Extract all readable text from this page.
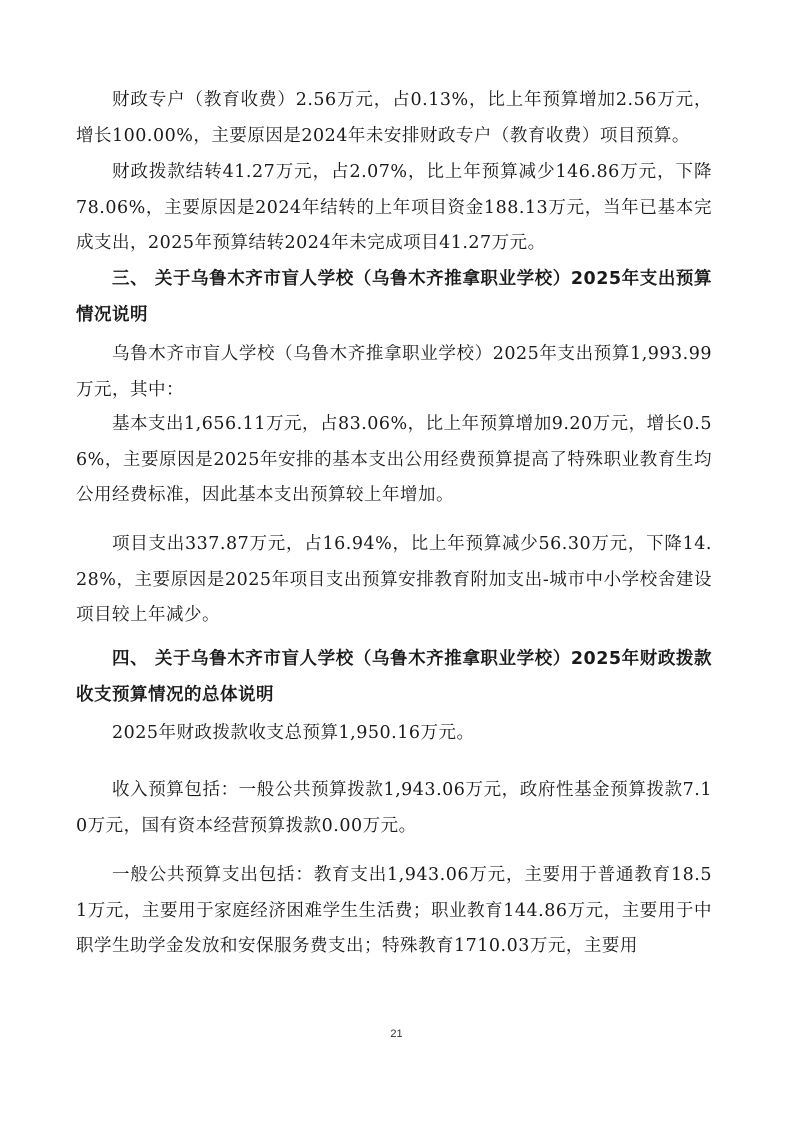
财政专户（教育收费）2.56万元，占0.13%，比上年预算增加2.56万元，增长100.00%，主要原因是2024年未安排财政专户（教育收费）项目预算。

财政拨款结转41.27万元，占2.07%，比上年预算减少146.86万元，下降78.06%，主要原因是2024年结转的上年项目资金188.13万元，当年已基本完成支出，2025年预算结转2024年未完成项目41.27万元。

三、 关于乌鲁木齐市盲人学校（乌鲁木齐推拿职业学校）2025年支出预算情况说明

乌鲁木齐市盲人学校（乌鲁木齐推拿职业学校）2025年支出预算1,993.99万元，其中：

基本支出1,656.11万元，占83.06%，比上年预算增加9.20万元，增长0.56%，主要原因是2025年安排的基本支出公用经费预算提高了特殊职业教育生均公用经费标准，因此基本支出预算较上年增加。

项目支出337.87万元，占16.94%，比上年预算减少56.30万元，下降14.28%，主要原因是2025年项目支出预算安排教育附加支出-城市中小学校舍建设项目较上年减少。

四、 关于乌鲁木齐市盲人学校（乌鲁木齐推拿职业学校）2025年财政拨款收支预算情况的总体说明

2025年财政拨款收支总预算1,950.16万元。

收入预算包括：一般公共预算拨款1,943.06万元，政府性基金预算拨款7.10万元，国有资本经营预算拨款0.00万元。

一般公共预算支出包括：教育支出1,943.06万元，主要用于普通教育18.51万元，主要用于家庭经济困难学生生活费；职业教育144.86万元，主要用于中职学生助学金发放和安保服务费支出；特殊教育1710.03万元，主要用

21
